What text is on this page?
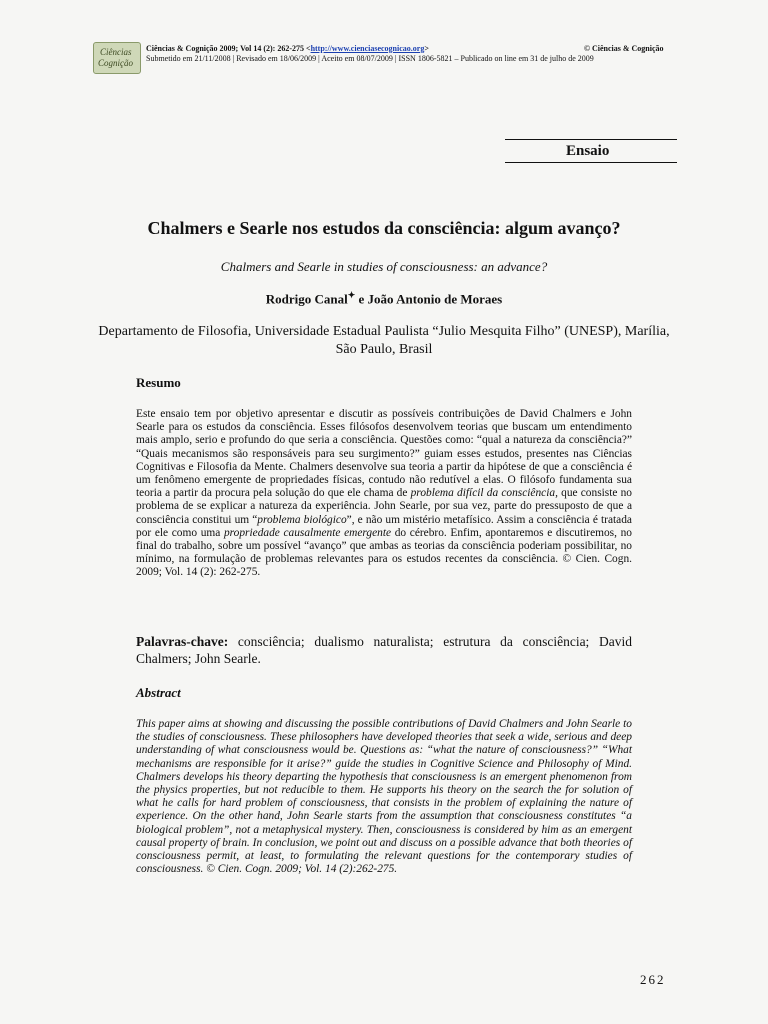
Ciências
Cognição
Ciências & Cognição 2009; Vol 14 (2): 262-275 <http://www.cienciasecognicao.org>	© Ciências & Cognição
Submetido em 21/11/2008 | Revisado em 18/06/2009 | Aceito em 08/07/2009 | ISSN 1806-5821 – Publicado on line em 31 de julho de 2009
Ensaio
Chalmers e Searle nos estudos da consciência: algum avanço?
Chalmers and Searle in studies of consciousness: an advance?
Rodrigo Canal✦ e João Antonio de Moraes
Departamento de Filosofia, Universidade Estadual Paulista “Julio Mesquita Filho” (UNESP), Marília, São Paulo, Brasil
Resumo
Este ensaio tem por objetivo apresentar e discutir as possíveis contribuições de David Chalmers e John Searle para os estudos da consciência. Esses filósofos desenvolvem teorias que buscam um entendimento mais amplo, serio e profundo do que seria a consciência. Questões como: “qual a natureza da consciência?” “Quais mecanismos são responsáveis para seu surgimento?” guiam esses estudos, presentes nas Ciências Cognitivas e Filosofia da Mente. Chalmers desenvolve sua teoria a partir da hipótese de que a consciência é um fenômeno emergente de propriedades físicas, contudo não redutível a elas. O filósofo fundamenta sua teoria a partir da procura pela solução do que ele chama de problema difícil da consciência, que consiste no problema de se explicar a natureza da experiência. John Searle, por sua vez, parte do pressuposto de que a consciência constitui um “problema biológico”, e não um mistério metafísico. Assim a consciência é tratada por ele como uma propriedade causalmente emergente do cérebro. Enfim, apontaremos e discutiremos, no final do trabalho, sobre um possível “avanço” que ambas as teorias da consciência poderiam possibilitar, no mínimo, na formulação de problemas relevantes para os estudos recentes da consciência. © Cien. Cogn. 2009; Vol. 14 (2): 262-275.
Palavras-chave: consciência; dualismo naturalista; estrutura da consciência; David Chalmers; John Searle.
Abstract
This paper aims at showing and discussing the possible contributions of David Chalmers and John Searle to the studies of consciousness. These philosophers have developed theories that seek a wide, serious and deep understanding of what consciousness would be. Questions as: “what the nature of consciousness?” “What mechanisms are responsible for it arise?” guide the studies in Cognitive Science and Philosophy of Mind. Chalmers develops his theory departing the hypothesis that consciousness is an emergent phenomenon from the physics properties, but not reducible to them. He supports his theory on the search the for solution of what he calls for hard problem of consciousness, that consists in the problem of explaining the nature of experience. On the other hand, John Searle starts from the assumption that consciousness constitutes “a biological problem”, not a metaphysical mystery. Then, consciousness is considered by him as an emergent causal property of brain. In conclusion, we point out and discuss on a possible advance that both theories of consciousness permit, at least, to formulating the relevant questions for the contemporary studies of consciousness. © Cien. Cogn. 2009; Vol. 14 (2):262-275.
262
